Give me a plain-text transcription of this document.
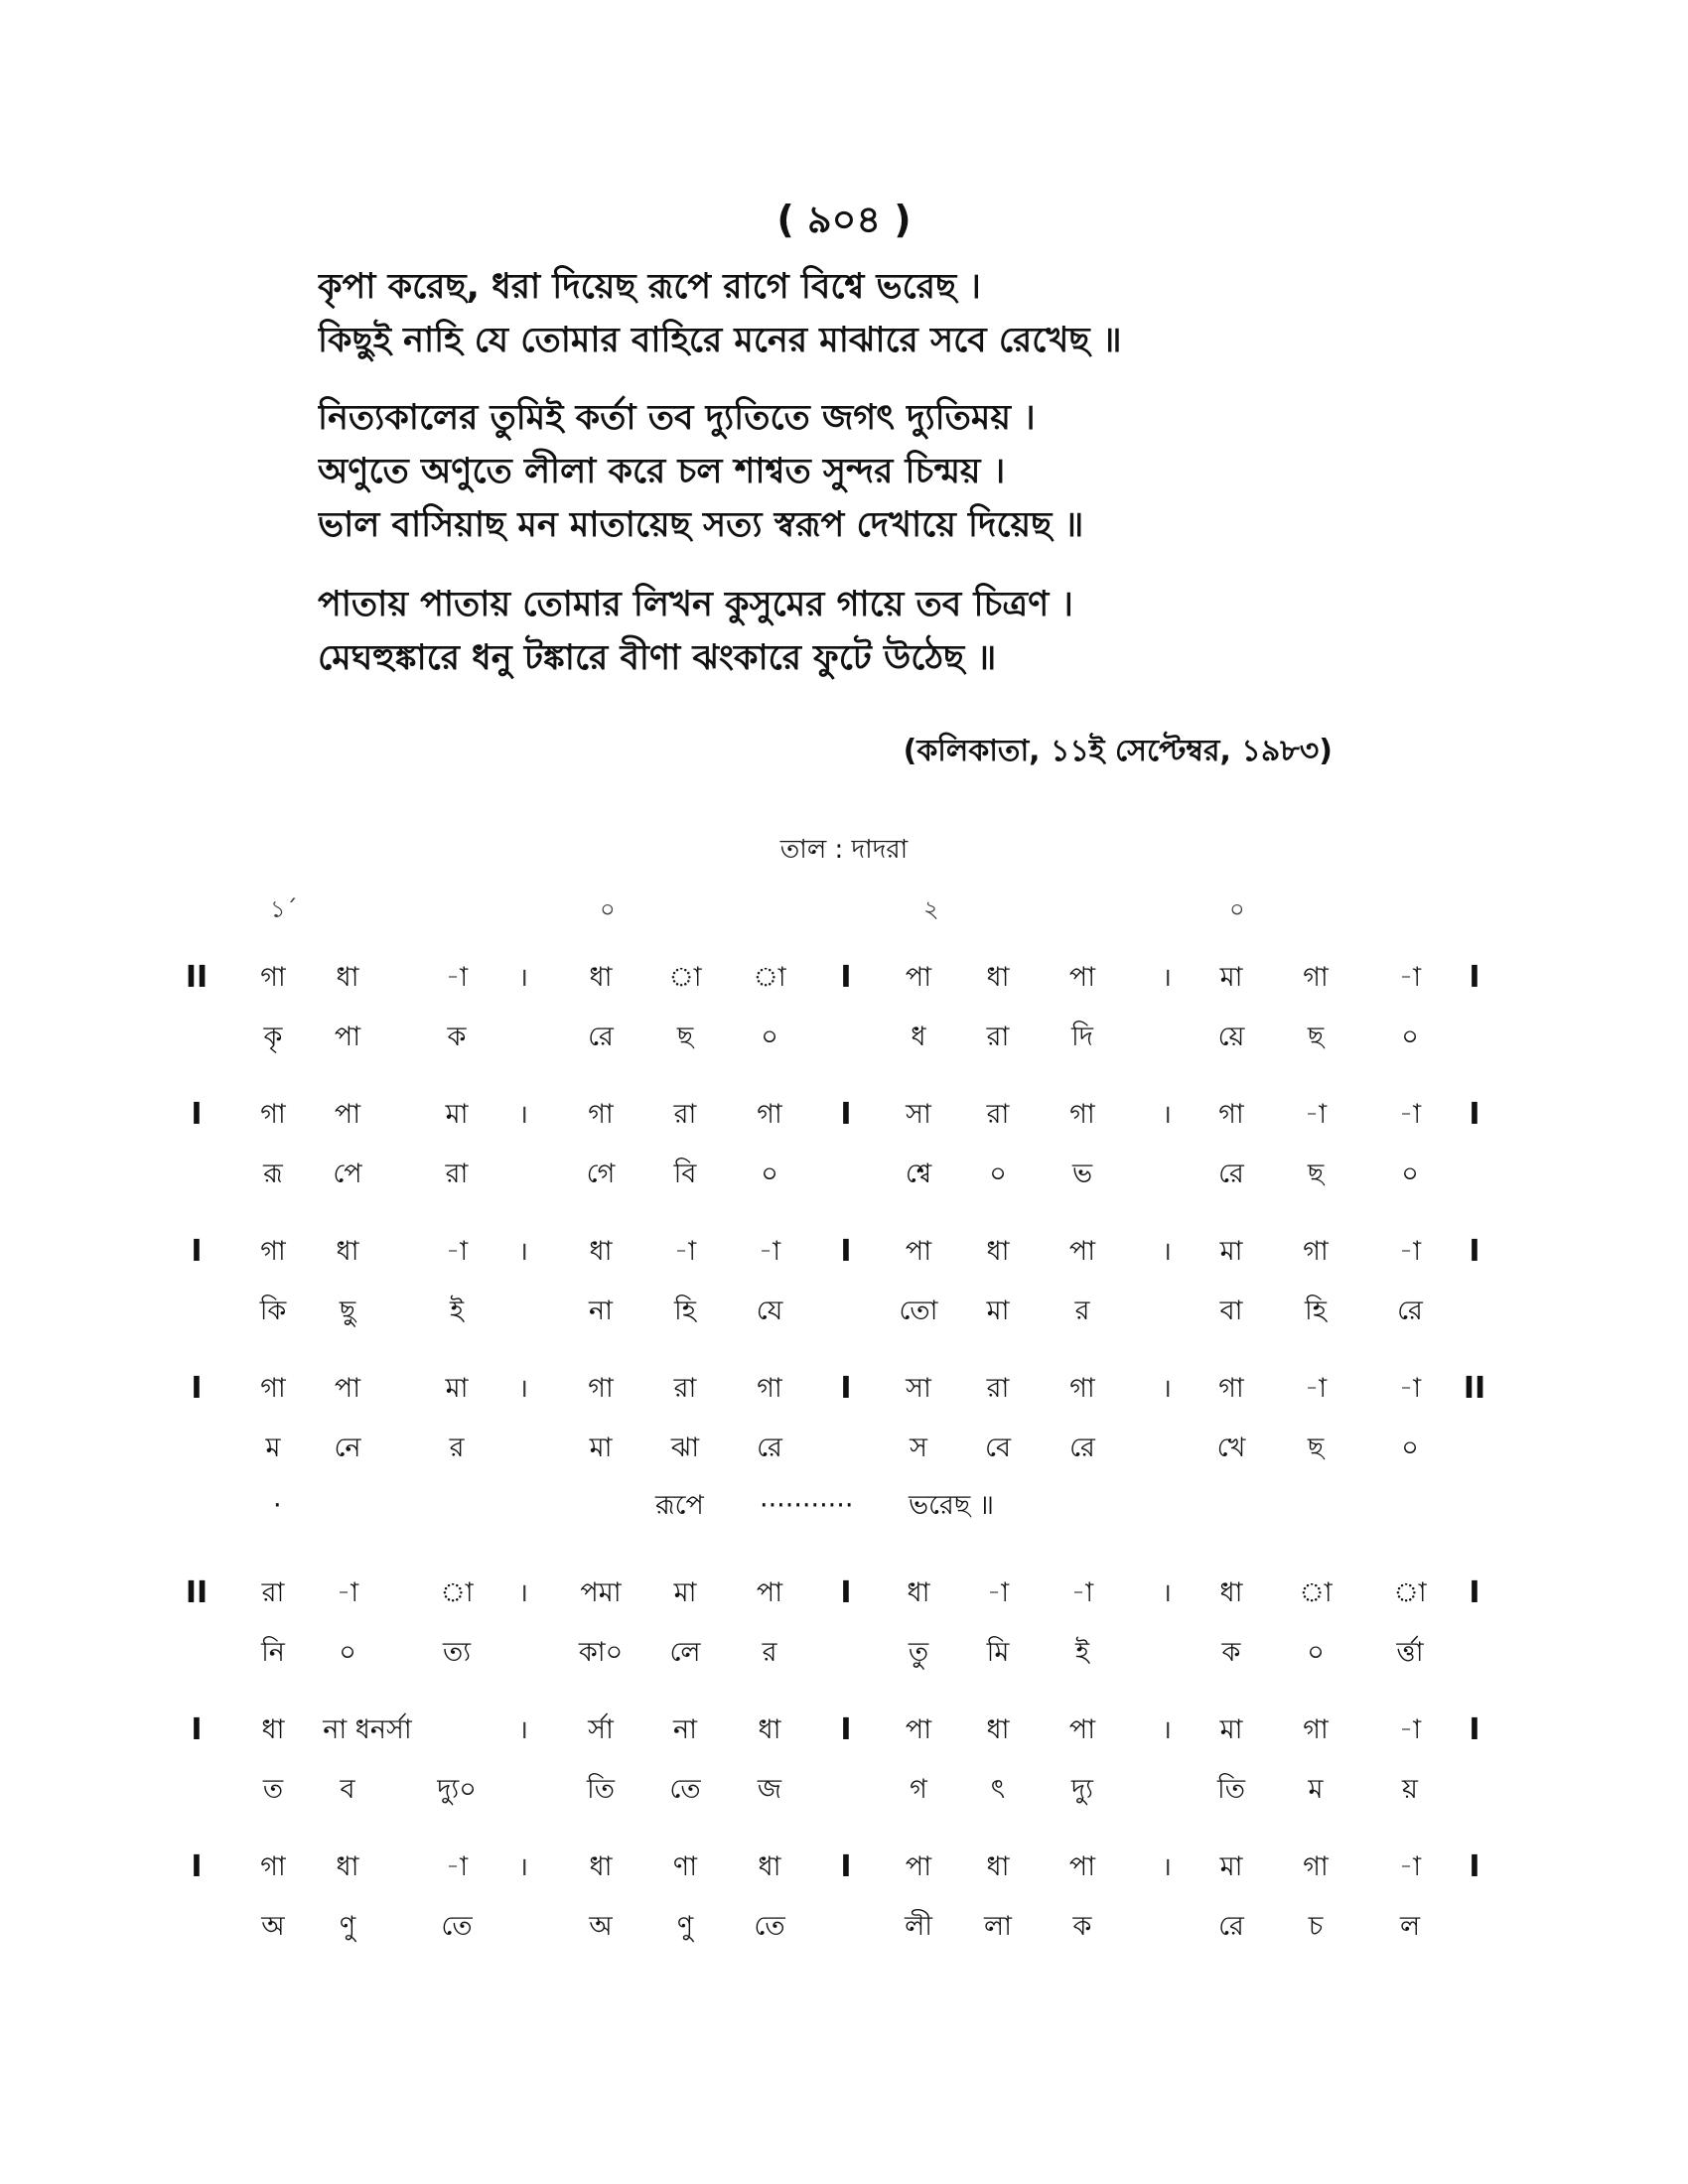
( ৯০৪ )
কৃপা করেছ, ধরা দিয়েছ রূপে রাগে বিশ্বে ভরেছ ।
কিছুই নাহি যে তোমার বাহিরে মনের মাঝারে সবে রেখেছ ॥
নিত্যকালের তুমিই কর্তা তব দ্যুতিতে জগৎ দ্যুতিময় ।
অণুতে অণুতে লীলা করে চল শাশ্বত সুন্দর চিন্ময় ।
ভাল বাসিয়াছ মন মাতায়েছ সত্য স্বরূপ দেখায়ে দিয়েছ ॥
পাতায় পাতায় তোমার লিখন কুসুমের গায়ে তব চিত্রণ ।
মেঘহুঙ্কারে ধনু টঙ্কারে বীণা ঝংকারে ফুটে উঠেছ ॥
(কলিকাতা, ১১ই সেপ্টেম্বর, ১৯৮৩)
তাল : দাদরা
১´	০	২	০
II	।	I	।	I
গা	ধা	-া	ধা	া	া	পা	ধা	পা	মা	গা	-া
কৃ	পা	ক	রে	ছ	০	ধ	রা	দি	য়ে	ছ	০
I	।	I	।	I
গা	পা	মা	গা	রা	গা	সা	রা	গা	গা	-া	-া
রূ	পে	রা	গে	বি	০	শ্বে	০	ভ	রে	ছ	০
I	।	I	।	I
গা	ধা	-া	ধা	-া	-া	পা	ধা	পা	মা	গা	-া
কি	ছু	ই	না	হি	যে	তো	মা	র	বা	হি	রে
I	।	I	।	II
গা	পা	মা	গা	রা	গা	সা	রা	গা	গা	-া	-া
ম	নে	র	মা	ঝা	রে	স	বে	রে	খে	ছ	০
·	রূপে ··········· ভরেছ ॥
II	।	I	।	I
রা	-া	া	পমা	মা	পা	ধা	-া	-া	ধা	া	া
নি	০	ত্য	কা০	লে	র	তু	মি	ই	ক	০	র্ত্তা
I	।	I	।	I
ধা	না ধনর্সা	র্সা	না	ধা	পা	ধা	পা	মা	গা	-া
ত	ব	দ্যু০	তি	তে	জ	গ	ৎ	দ্যু	তি	ম	য়
I	।	I	।	I
গা	ধা	-া	ধা	ণা	ধা	পা	ধা	পা	মা	গা	-া
অ	ণু	তে	অ	ণু	তে	লী	লা	ক	রে	চ	ল
